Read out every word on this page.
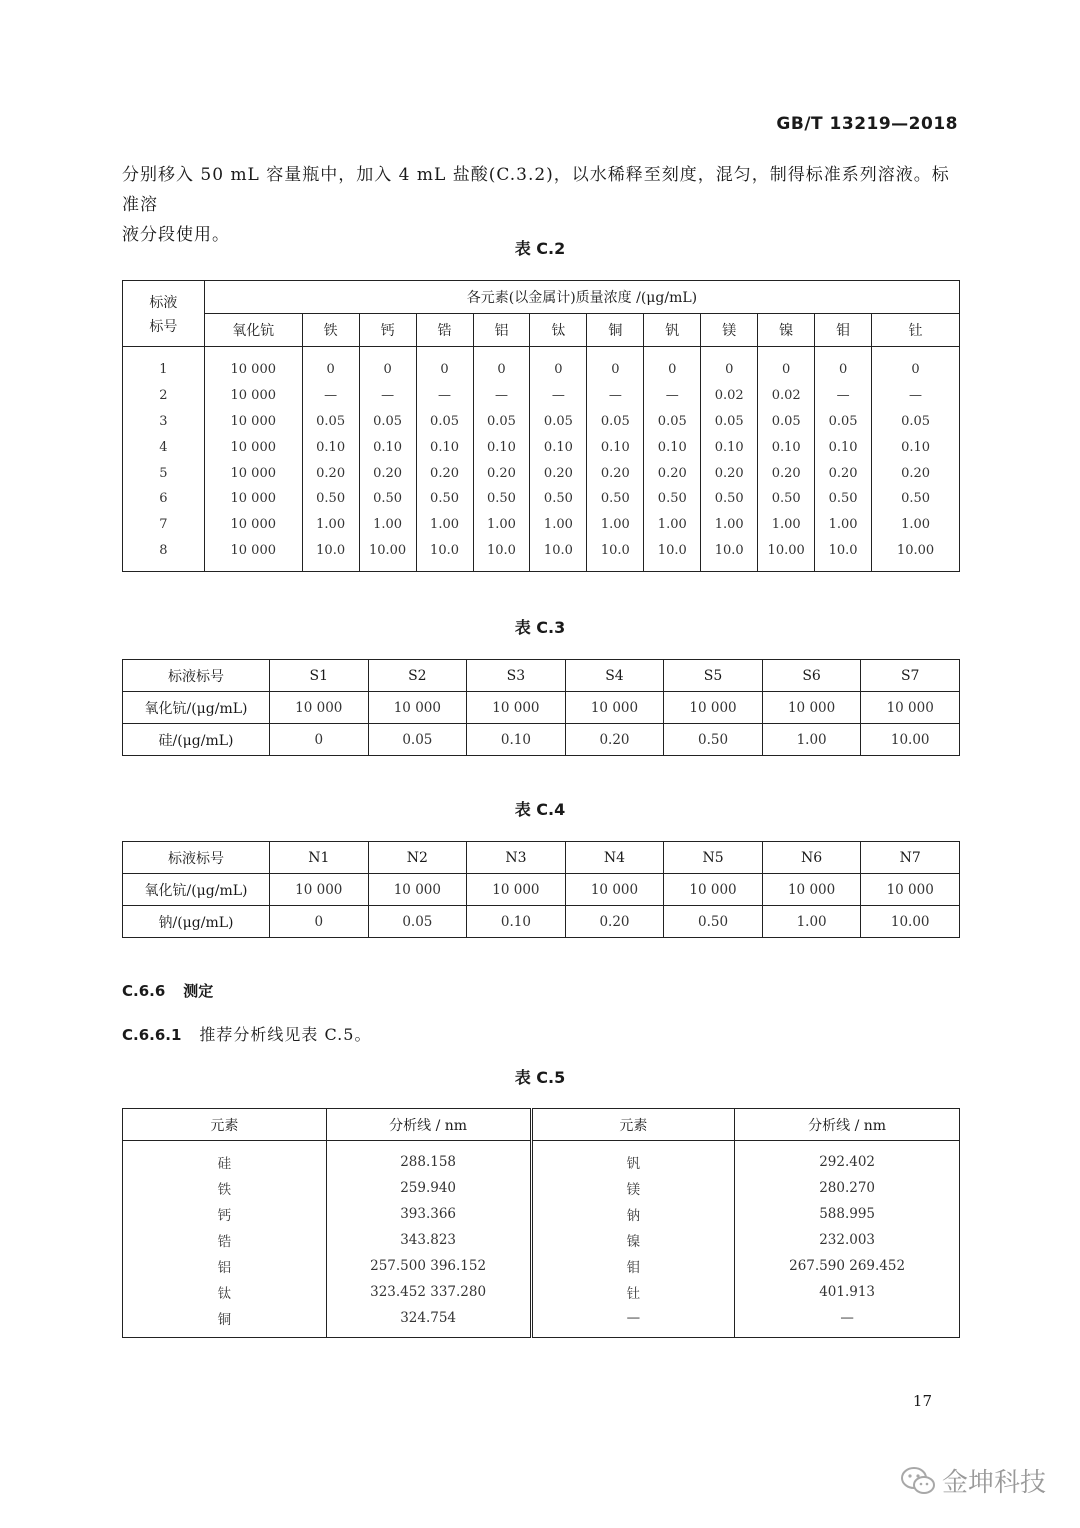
GB/T 13219—2018
分别移入 50 mL 容量瓶中，加入 4 mL 盐酸(C.3.2)，以水稀释至刻度，混匀，制得标准系列溶液。标准溶
液分段使用。
表 C.2
标液
标号	各元素(以金属计)质量浓度 /(μg/mL)											
	氧化钪	铁	钙	锆	铝	钛	铜	钒	镁	镍	钼	钍
1	10 000	0	0	0	0	0	0	0	0	0	0	0
2	10 000	—	—	—	—	—	—	—	0.02	0.02	—	—
3	10 000	0.05	0.05	0.05	0.05	0.05	0.05	0.05	0.05	0.05	0.05	0.05
4	10 000	0.10	0.10	0.10	0.10	0.10	0.10	0.10	0.10	0.10	0.10	0.10
5	10 000	0.20	0.20	0.20	0.20	0.20	0.20	0.20	0.20	0.20	0.20	0.20
6	10 000	0.50	0.50	0.50	0.50	0.50	0.50	0.50	0.50	0.50	0.50	0.50
7	10 000	1.00	1.00	1.00	1.00	1.00	1.00	1.00	1.00	1.00	1.00	1.00
8	10 000	10.0	10.00	10.0	10.0	10.0	10.0	10.0	10.0	10.00	10.0	10.00
表 C.3
标液标号	S1	S2	S3	S4	S5	S6	S7
氧化钪/(μg/mL)	10 000	10 000	10 000	10 000	10 000	10 000	10 000
硅/(μg/mL)	0	0.05	0.10	0.20	0.50	1.00	10.00
表 C.4
标液标号	N1	N2	N3	N4	N5	N6	N7
氧化钪/(μg/mL)	10 000	10 000	10 000	10 000	10 000	10 000	10 000
钠/(μg/mL)	0	0.05	0.10	0.20	0.50	1.00	10.00
C.6.6 测定
C.6.6.1 推荐分析线见表 C.5。
表 C.5
元素	分析线 / nm	元素	分析线 / nm
硅	288.158	钒	292.402
铁	259.940	镁	280.270
钙	393.366	钠	588.995
锆	343.823	镍	232.003
铝	257.500 396.152	钼	267.590 269.452
钛	323.452 337.280	钍	401.913
铜	324.754	—	—
17
金坤科技
